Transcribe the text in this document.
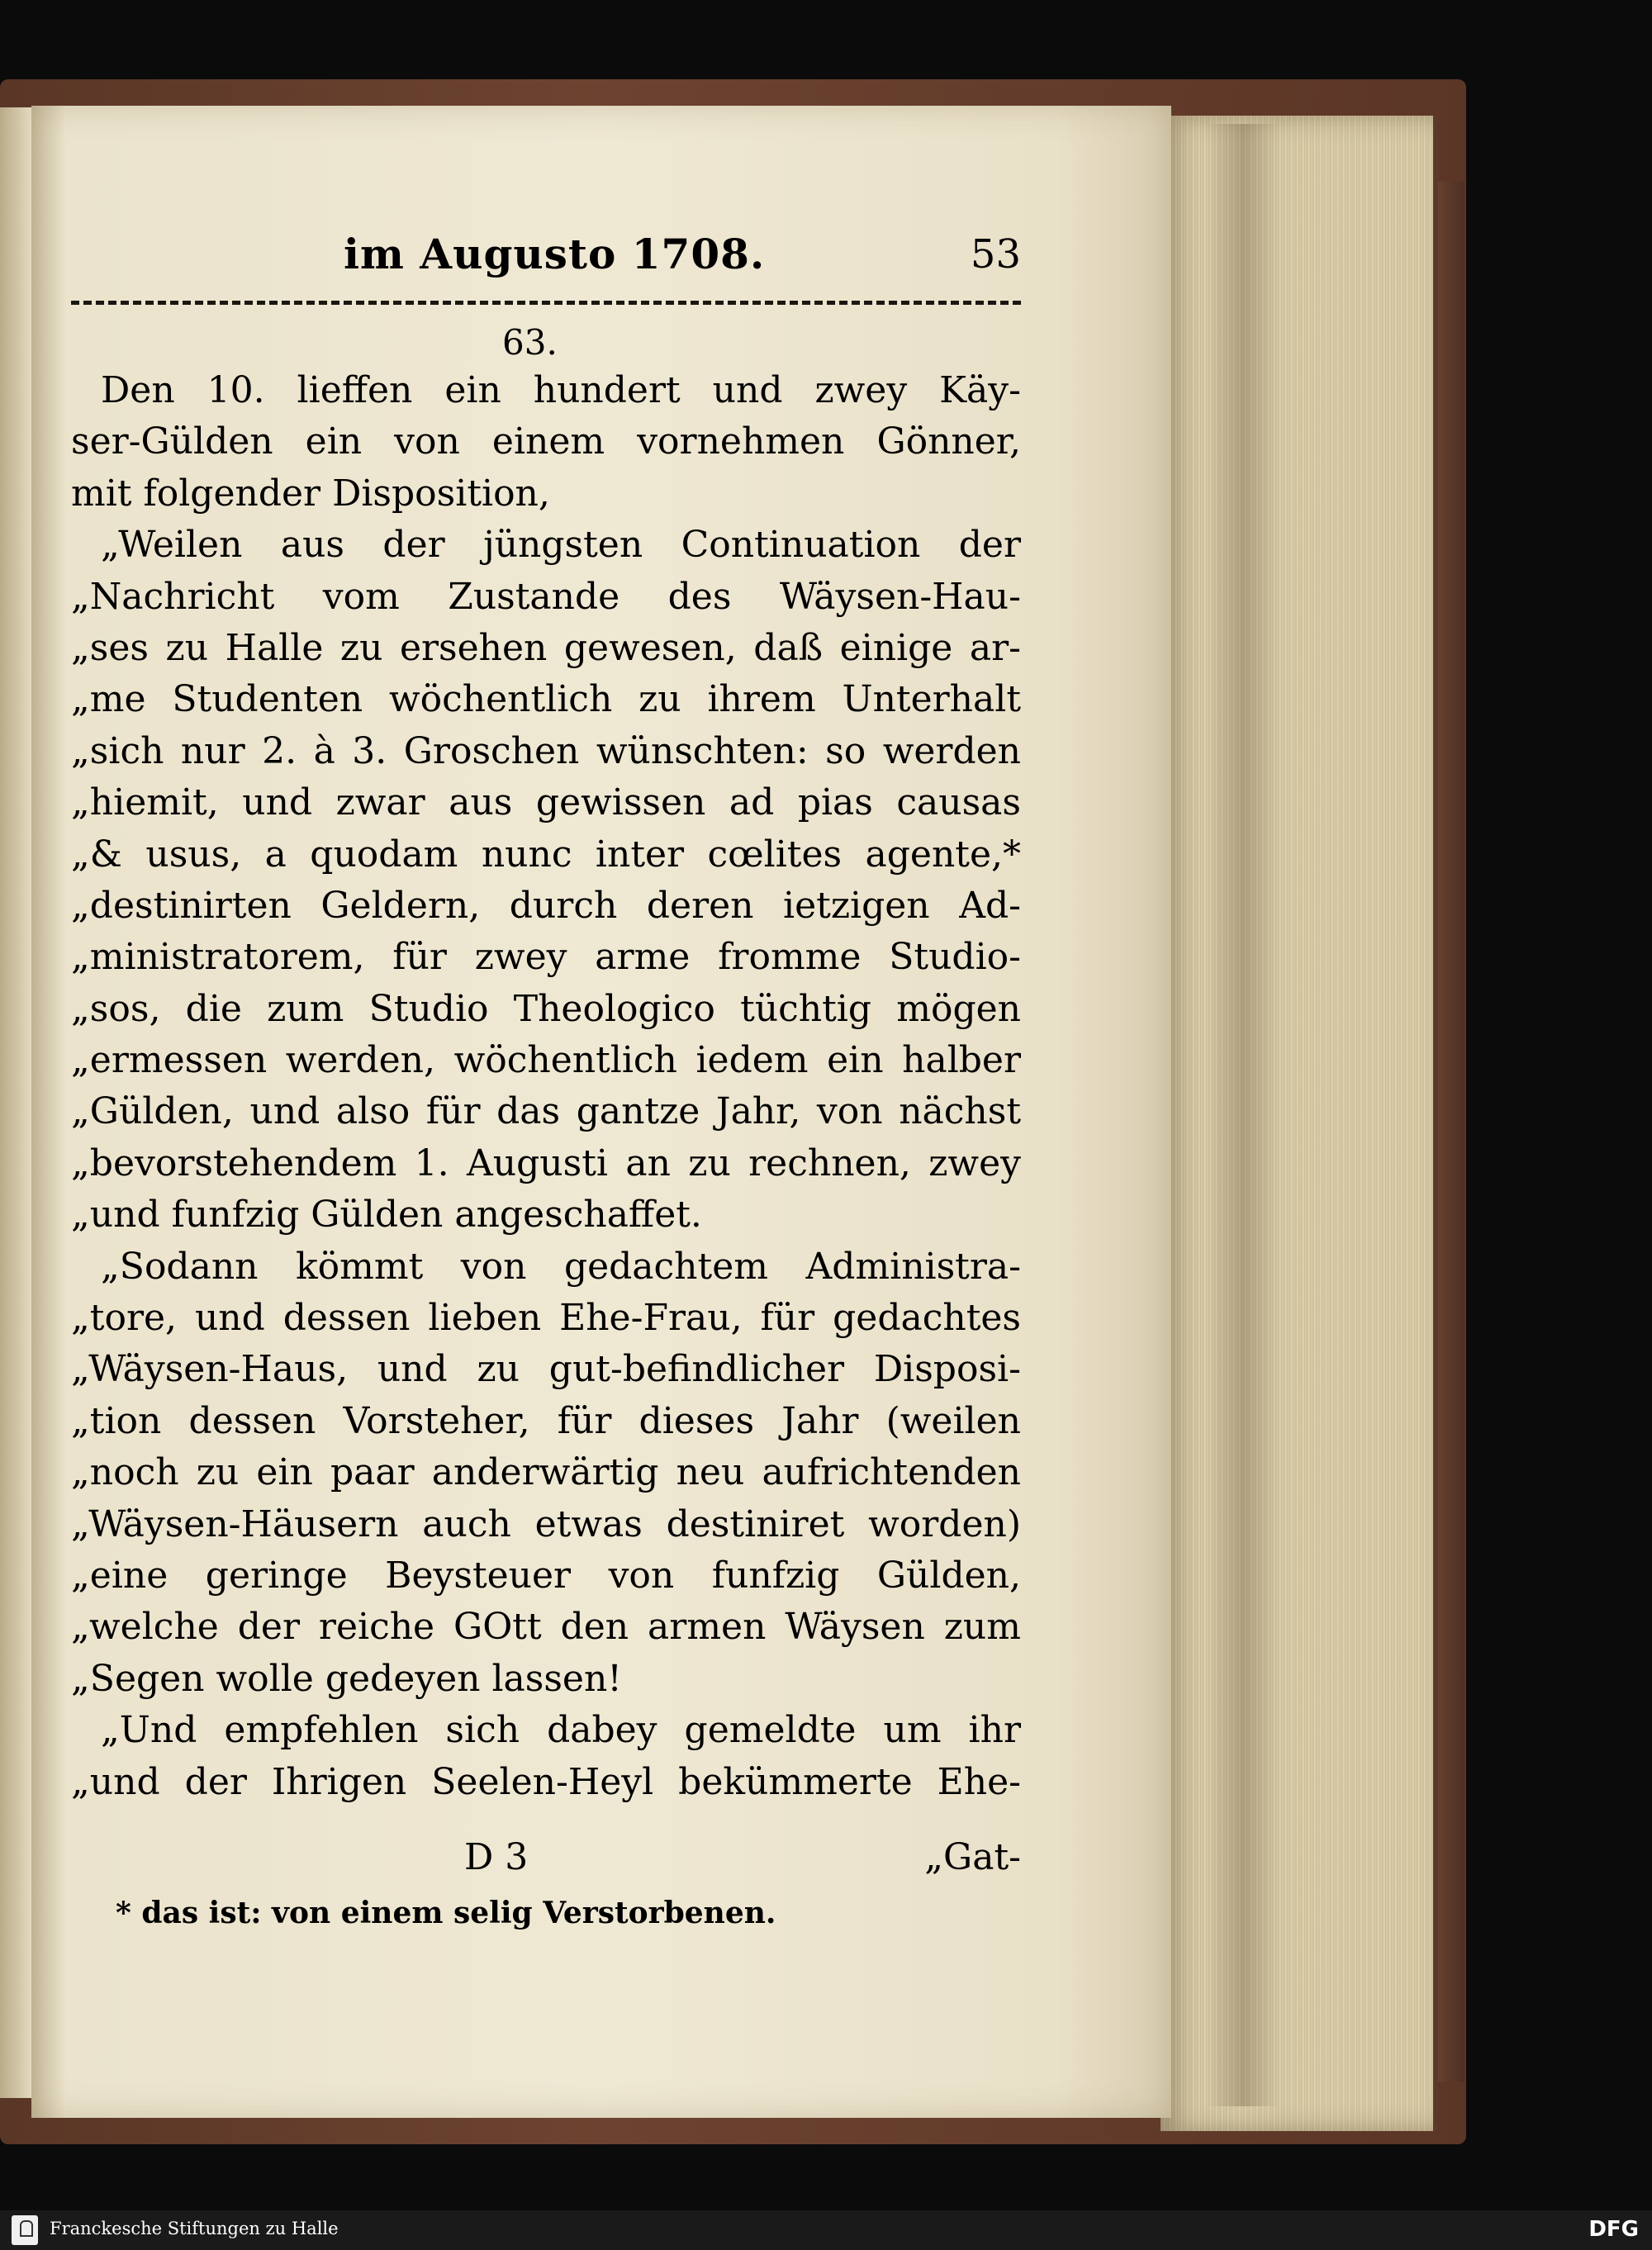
im Augusto 1708.	53
63.
Den 10. lieffen ein hundert und zwey Käy-
ser-Gülden ein von einem vornehmen Gönner,
mit folgender Disposition,
„Weilen aus der jüngsten Continuation der
„Nachricht vom Zustande des Wäysen-Hau-
„ses zu Halle zu ersehen gewesen, daß einige ar-
„me Studenten wöchentlich zu ihrem Unterhalt
„sich nur 2. à 3. Groschen wünschten: so werden
„hiemit, und zwar aus gewissen ad pias causas
„& usus, a quodam nunc inter cœlites agente,*
„destinirten Geldern, durch deren ietzigen Ad-
„ministratorem, für zwey arme fromme Studio-
„sos, die zum Studio Theologico tüchtig mögen
„ermessen werden, wöchentlich iedem ein halber
„Gülden, und also für das gantze Jahr, von nächst
„bevorstehendem 1. Augusti an zu rechnen, zwey
„und funfzig Gülden angeschaffet.
„Sodann kömmt von gedachtem Administra-
„tore, und dessen lieben Ehe-Frau, für gedachtes
„Wäysen-Haus, und zu gut-befindlicher Disposi-
„tion dessen Vorsteher, für dieses Jahr (weilen
„noch zu ein paar anderwärtig neu aufrichtenden
„Wäysen-Häusern auch etwas destiniret worden)
„eine geringe Beysteuer von funfzig Gülden,
„welche der reiche GOtt den armen Wäysen zum
„Segen wolle gedeyen lassen!
„Und empfehlen sich dabey gemeldte um ihr
„und der Ihrigen Seelen-Heyl bekümmerte Ehe-
D 3	„Gat-
* das ist: von einem selig Verstorbenen.
Franckesche Stiftungen zu Halle	DFG
